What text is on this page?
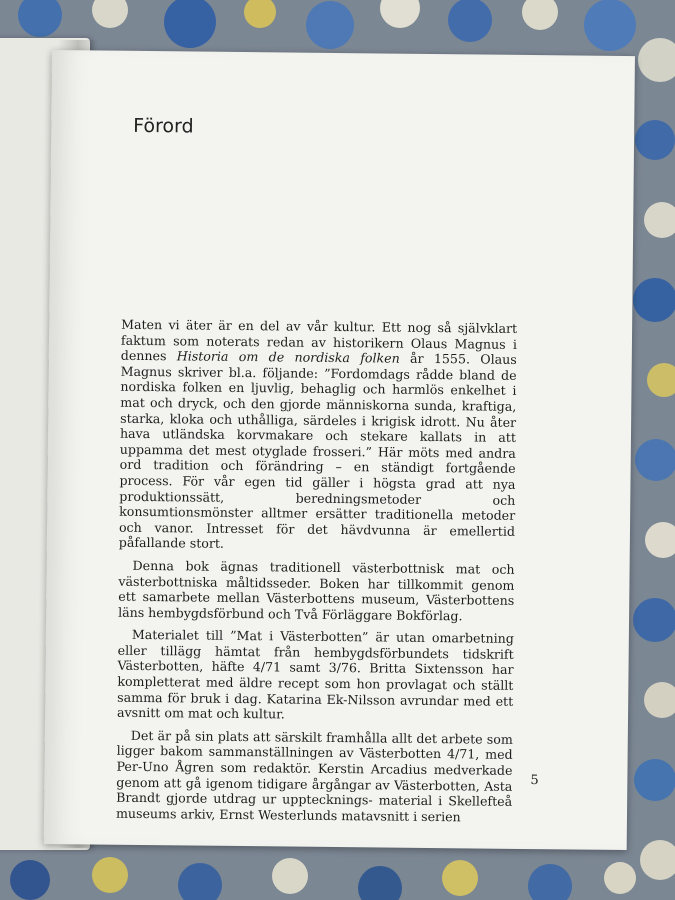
Förord

Maten vi äter är en del av vår kultur. Ett nog så självklart faktum som noterats redan av historikern Olaus Magnus i dennes Historia om de nordiska folken år 1555. Olaus Magnus skriver bl.a. följande: ”Fordomdags rådde bland de nordiska folken en ljuvlig, behaglig och harmlös enkelhet i mat och dryck, och den gjorde människorna sunda, kraftiga, starka, kloka och uthålliga, särdeles i krigisk idrott. Nu åter hava utländska korvmakare och stekare kallats in att uppamma det mest otyglade frosseri.” Här möts med andra ord tradition och förändring – en ständigt fortgående process. För vår egen tid gäller i högsta grad att nya produktionssätt, beredningsmetoder och konsumtionsmönster alltmer ersätter traditionella metoder och vanor. Intresset för det hävdvunna är emellertid påfallande stort.

Denna bok ägnas traditionell västerbottnisk mat och västerbottniska måltidsseder. Boken har tillkommit genom ett samarbete mellan Västerbottens museum, Västerbottens läns hembygdsförbund och Två Förläggare Bokförlag.

Materialet till ”Mat i Västerbotten” är utan omarbetning eller tillägg hämtat från hembygdsförbundets tidskrift Västerbotten, häfte 4/71 samt 3/76. Britta Sixtensson har kompletterat med äldre recept som hon provlagat och ställt samma för bruk i dag. Katarina Ek-Nilsson avrundar med ett avsnitt om mat och kultur.

Det är på sin plats att särskilt framhålla allt det arbete som ligger bakom sammanställningen av Västerbotten 4/71, med Per-Uno Ågren som redaktör. Kerstin Arcadius medverkade genom att gå igenom tidigare årgångar av Västerbotten, Asta Brandt gjorde utdrag ur upptecknings- material i Skellefteå museums arkiv, Ernst Westerlunds matavsnitt i serien

5
